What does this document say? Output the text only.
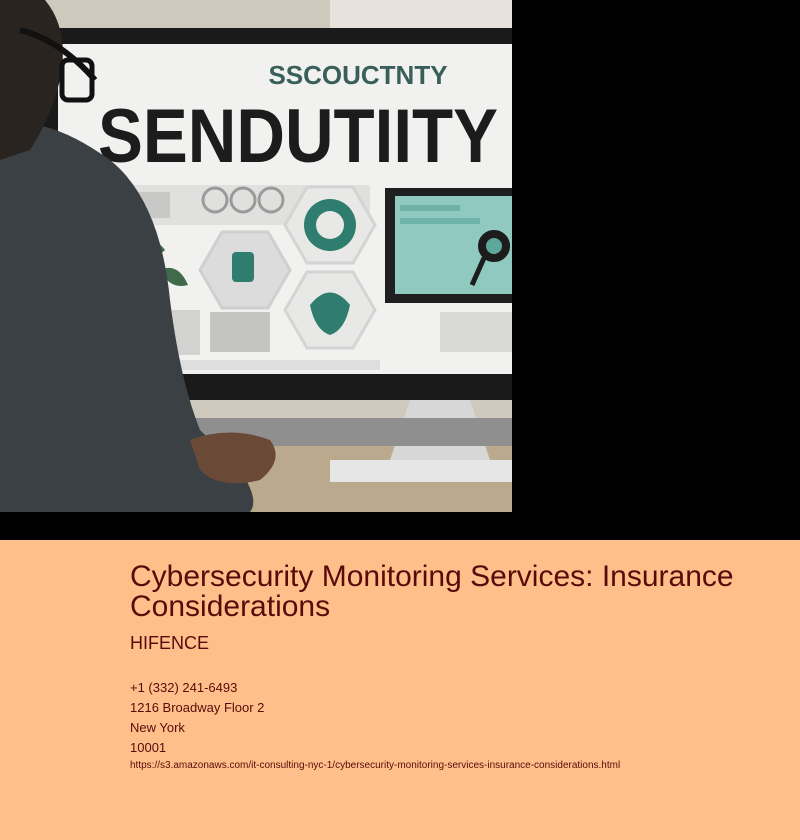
SSCOUCTNTY
SENDUTIITY
Cybersecurity Monitoring Services: Insurance Considerations
HIFENCE
+1 (332) 241-6493
1216 Broadway Floor 2
New York
10001
https://s3.amazonaws.com/it-consulting-nyc-1/cybersecurity-monitoring-services-insurance-considerations.html
